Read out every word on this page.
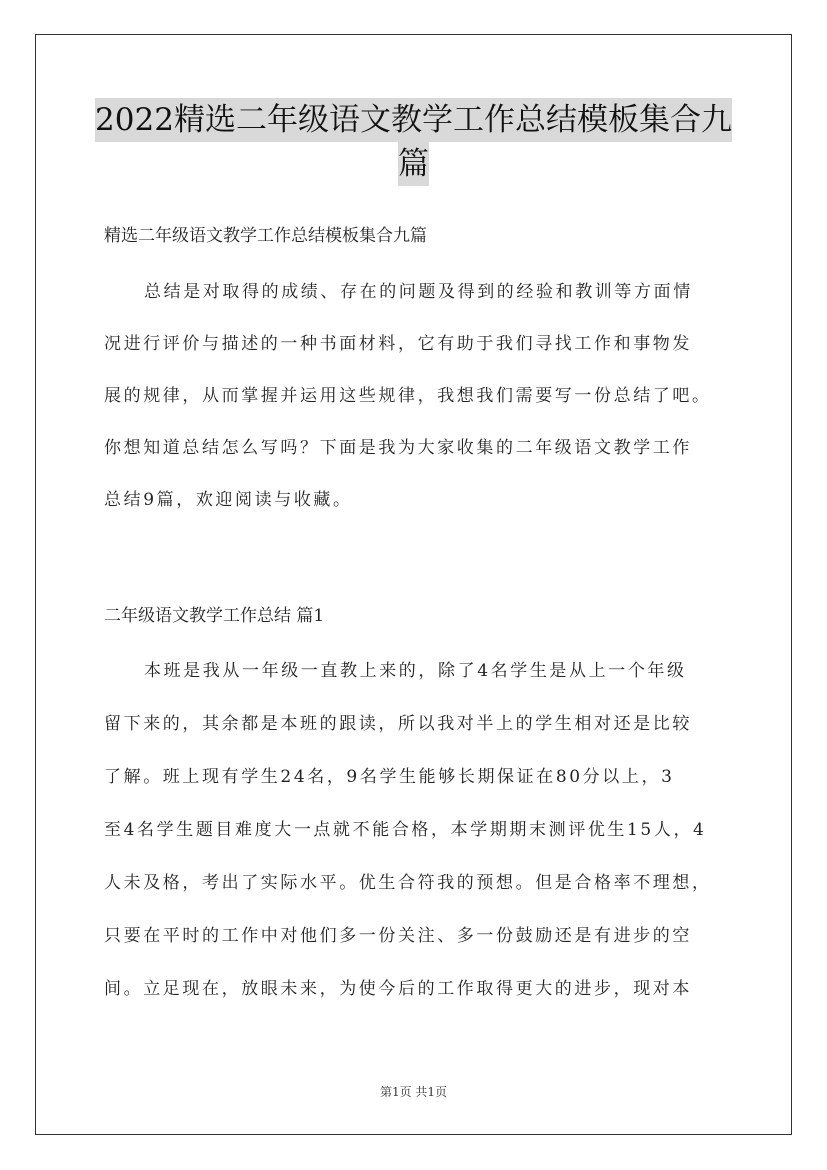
2022精选二年级语文教学工作总结模板集合九
篇
精选二年级语文教学工作总结模板集合九篇
总结是对取得的成绩、存在的问题及得到的经验和教训等方面情
况进行评价与描述的一种书面材料，它有助于我们寻找工作和事物发
展的规律，从而掌握并运用这些规律，我想我们需要写一份总结了吧。
你想知道总结怎么写吗？下面是我为大家收集的二年级语文教学工作
总结9篇，欢迎阅读与收藏。
二年级语文教学工作总结 篇1
本班是我从一年级一直教上来的，除了4名学生是从上一个年级
留下来的，其余都是本班的跟读，所以我对半上的学生相对还是比较
了解。班上现有学生24名，9名学生能够长期保证在80分以上，3
至4名学生题目难度大一点就不能合格，本学期期末测评优生15人，4
人未及格，考出了实际水平。优生合符我的预想。但是合格率不理想，
只要在平时的工作中对他们多一份关注、多一份鼓励还是有进步的空
间。立足现在，放眼未来，为使今后的工作取得更大的进步，现对本
第1页 共1页
